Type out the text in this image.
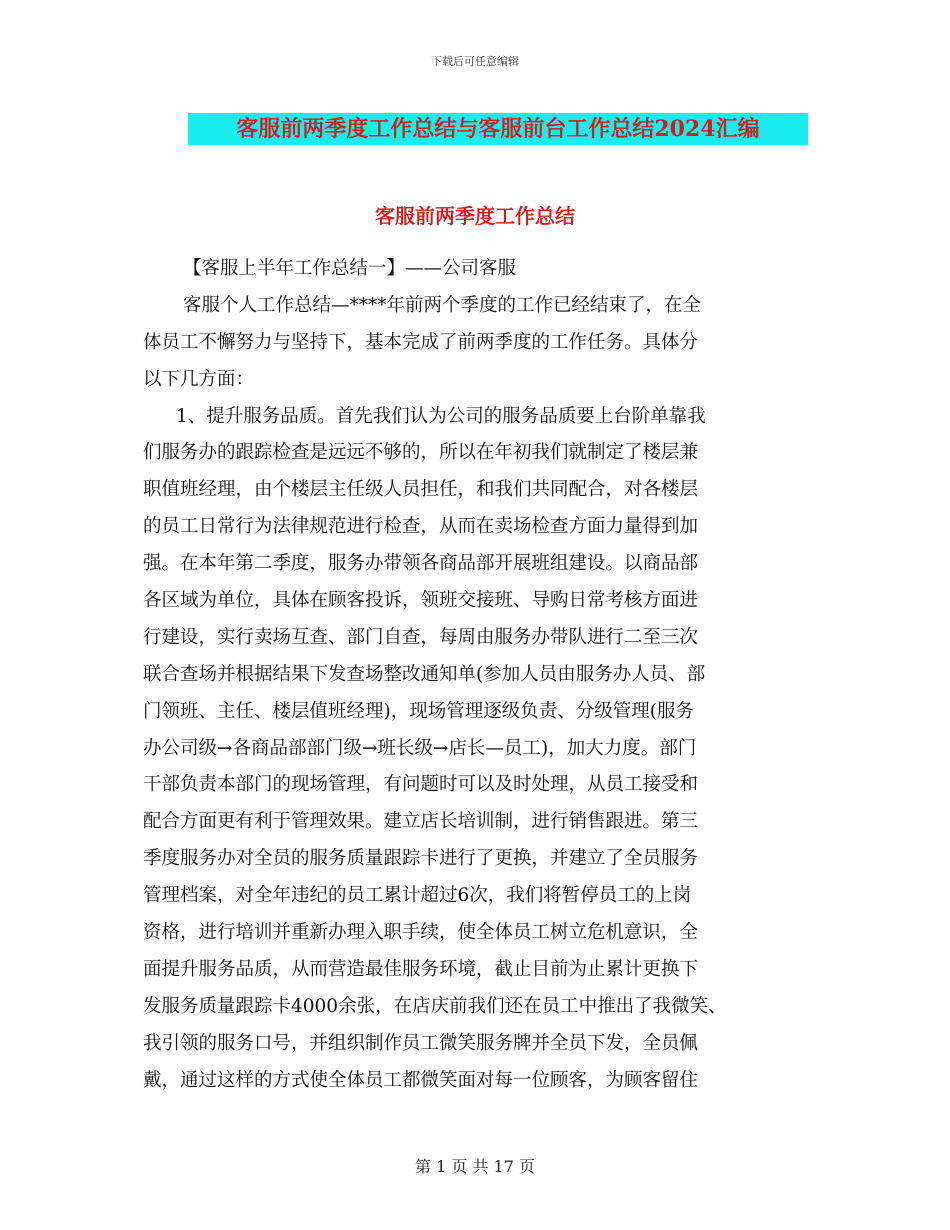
下载后可任意编辑
客服前两季度工作总结与客服前台工作总结2024汇编
客服前两季度工作总结
【客服上半年工作总结一】——公司客服
客服个人工作总结—****年前两个季度的工作已经结束了，在全
体员工不懈努力与坚持下，基本完成了前两季度的工作任务。具体分
以下几方面：
1、提升服务品质。首先我们认为公司的服务品质要上台阶单靠我
们服务办的跟踪检查是远远不够的，所以在年初我们就制定了楼层兼
职值班经理，由个楼层主任级人员担任，和我们共同配合，对各楼层
的员工日常行为法律规范进行检查，从而在卖场检查方面力量得到加
强。在本年第二季度，服务办带领各商品部开展班组建设。以商品部
各区域为单位，具体在顾客投诉，领班交接班、导购日常考核方面进
行建设，实行卖场互查、部门自查，每周由服务办带队进行二至三次
联合查场并根据结果下发查场整改通知单(参加人员由服务办人员、部
门领班、主任、楼层值班经理)，现场管理逐级负责、分级管理(服务
办公司级→各商品部部门级→班长级→店长—员工)，加大力度。部门
干部负责本部门的现场管理，有问题时可以及时处理，从员工接受和
配合方面更有利于管理效果。建立店长培训制，进行销售跟进。第三
季度服务办对全员的服务质量跟踪卡进行了更换，并建立了全员服务
管理档案，对全年违纪的员工累计超过6次，我们将暂停员工的上岗
资格，进行培训并重新办理入职手续，使全体员工树立危机意识，全
面提升服务品质，从而营造最佳服务环境，截止目前为止累计更换下
发服务质量跟踪卡4000余张，在店庆前我们还在员工中推出了我微笑、
我引领的服务口号，并组织制作员工微笑服务牌并全员下发，全员佩
戴，通过这样的方式使全体员工都微笑面对每一位顾客，为顾客留住
第 1 页 共 17 页
